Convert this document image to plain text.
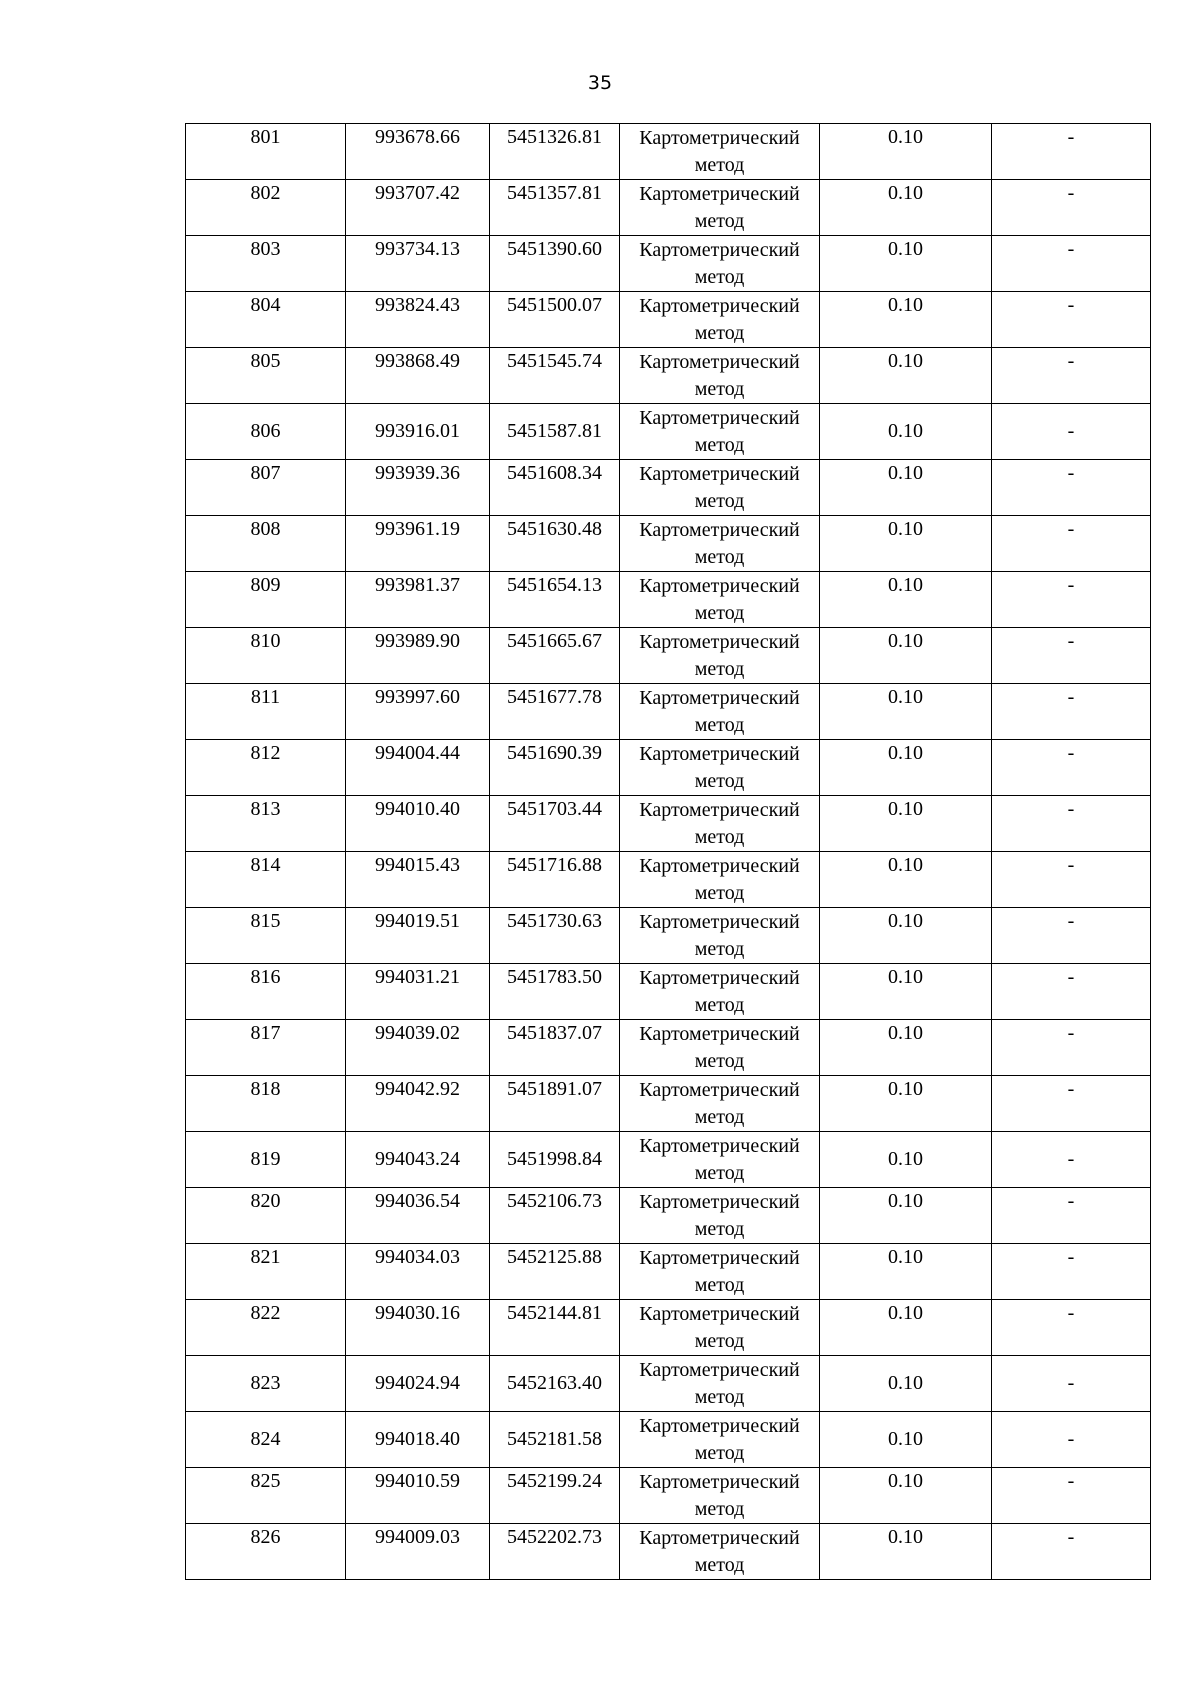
35
801	993678.66	5451326.81	Картометрический
метод	0.10	-
802	993707.42	5451357.81	Картометрический
метод	0.10	-
803	993734.13	5451390.60	Картометрический
метод	0.10	-
804	993824.43	5451500.07	Картометрический
метод	0.10	-
805	993868.49	5451545.74	Картометрический
метод	0.10	-
806	993916.01	5451587.81	Картометрический
метод	0.10	-
807	993939.36	5451608.34	Картометрический
метод	0.10	-
808	993961.19	5451630.48	Картометрический
метод	0.10	-
809	993981.37	5451654.13	Картометрический
метод	0.10	-
810	993989.90	5451665.67	Картометрический
метод	0.10	-
811	993997.60	5451677.78	Картометрический
метод	0.10	-
812	994004.44	5451690.39	Картометрический
метод	0.10	-
813	994010.40	5451703.44	Картометрический
метод	0.10	-
814	994015.43	5451716.88	Картометрический
метод	0.10	-
815	994019.51	5451730.63	Картометрический
метод	0.10	-
816	994031.21	5451783.50	Картометрический
метод	0.10	-
817	994039.02	5451837.07	Картометрический
метод	0.10	-
818	994042.92	5451891.07	Картометрический
метод	0.10	-
819	994043.24	5451998.84	Картометрический
метод	0.10	-
820	994036.54	5452106.73	Картометрический
метод	0.10	-
821	994034.03	5452125.88	Картометрический
метод	0.10	-
822	994030.16	5452144.81	Картометрический
метод	0.10	-
823	994024.94	5452163.40	Картометрический
метод	0.10	-
824	994018.40	5452181.58	Картометрический
метод	0.10	-
825	994010.59	5452199.24	Картометрический
метод	0.10	-
826	994009.03	5452202.73	Картометрический
метод	0.10	-
